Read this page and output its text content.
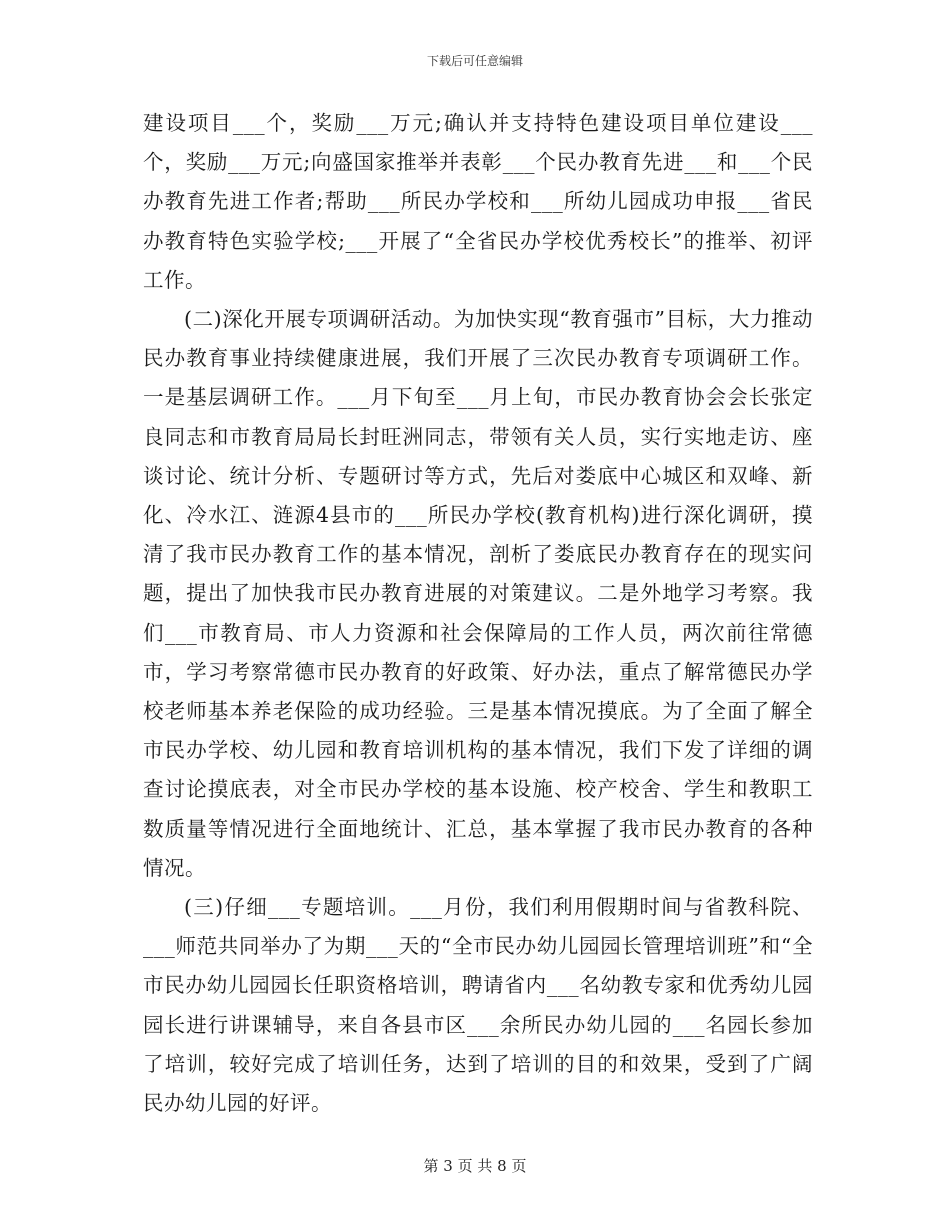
下载后可任意编辑

建设项目___个，奖励___万元;确认并支持特色建设项目单位建设___个，奖励___万元;向盛国家推举并表彰___个民办教育先进___和___个民办教育先进工作者;帮助___所民办学校和___所幼儿园成功申报___省民办教育特色实验学校;___开展了“全省民办学校优秀校长”的推举、初评工作。

(二)深化开展专项调研活动。为加快实现“教育强市”目标，大力推动民办教育事业持续健康进展，我们开展了三次民办教育专项调研工作。一是基层调研工作。___月下旬至___月上旬，市民办教育协会会长张定良同志和市教育局局长封旺洲同志，带领有关人员，实行实地走访、座谈讨论、统计分析、专题研讨等方式，先后对娄底中心城区和双峰、新化、冷水江、涟源4县市的___所民办学校(教育机构)进行深化调研，摸清了我市民办教育工作的基本情况，剖析了娄底民办教育存在的现实问题，提出了加快我市民办教育进展的对策建议。二是外地学习考察。我们___市教育局、市人力资源和社会保障局的工作人员，两次前往常德市，学习考察常德市民办教育的好政策、好办法，重点了解常德民办学校老师基本养老保险的成功经验。三是基本情况摸底。为了全面了解全市民办学校、幼儿园和教育培训机构的基本情况，我们下发了详细的调查讨论摸底表，对全市民办学校的基本设施、校产校舍、学生和教职工数质量等情况进行全面地统计、汇总，基本掌握了我市民办教育的各种情况。

(三)仔细___专题培训。___月份，我们利用假期时间与省教科院、___师范共同举办了为期___天的“全市民办幼儿园园长管理培训班”和“全市民办幼儿园园长任职资格培训，聘请省内___名幼教专家和优秀幼儿园园长进行讲课辅导，来自各县市区___余所民办幼儿园的___名园长参加了培训，较好完成了培训任务，达到了培训的目的和效果，受到了广阔民办幼儿园的好评。

第 3 页 共 8 页
